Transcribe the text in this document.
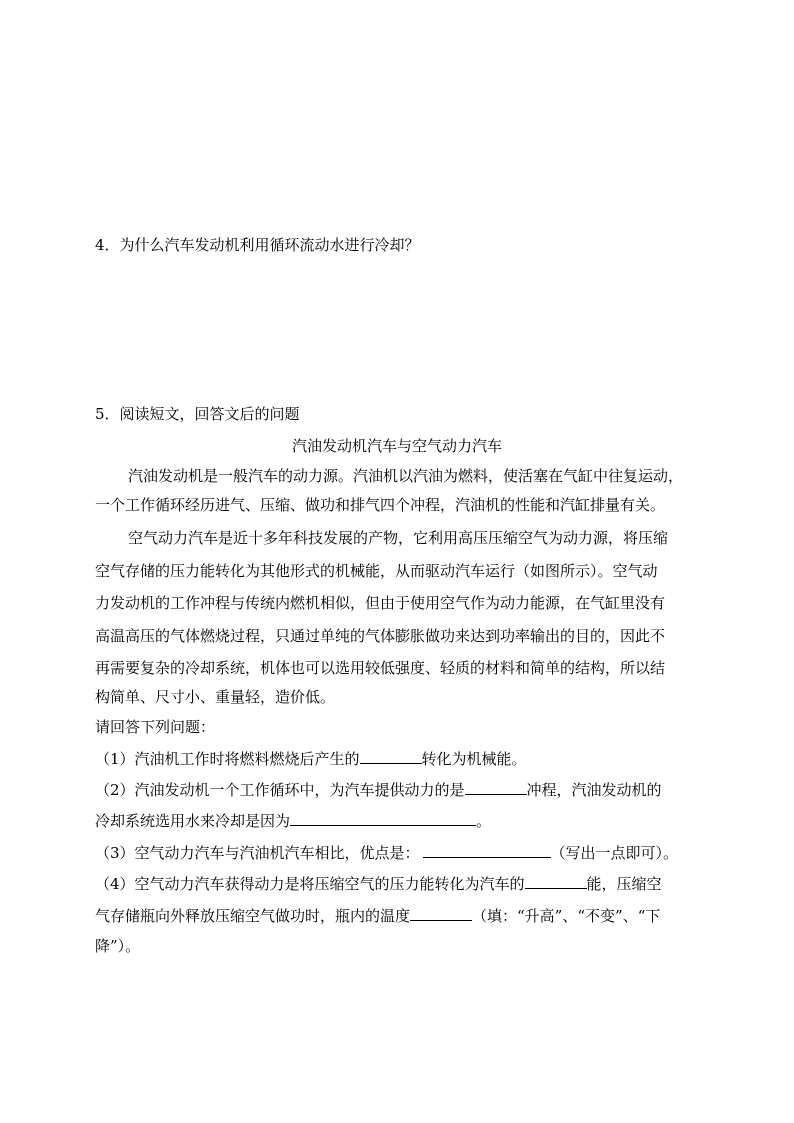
4．为什么汽车发动机利用循环流动水进行冷却？
5．阅读短文，回答文后的问题
汽油发动机汽车与空气动力汽车
汽油发动机是一般汽车的动力源。汽油机以汽油为燃料，使活塞在气缸中往复运动，
一个工作循环经历进气、压缩、做功和排气四个冲程，汽油机的性能和汽缸排量有关。
空气动力汽车是近十多年科技发展的产物，它利用高压压缩空气为动力源，将压缩
空气存储的压力能转化为其他形式的机械能，从而驱动汽车运行（如图所示）。空气动
力发动机的工作冲程与传统内燃机相似，但由于使用空气作为动力能源，在气缸里没有
高温高压的气体燃烧过程，只通过单纯的气体膨胀做功来达到功率输出的目的，因此不
再需要复杂的冷却系统，机体也可以选用较低强度、轻质的材料和简单的结构，所以结
构简单、尺寸小、重量轻，造价低。
请回答下列问题：
（1）汽油机工作时将燃料燃烧后产生的	转化为机械能。
（2）汽油发动机一个工作循环中，为汽车提供动力的是	冲程，汽油发动机的
冷却系统选用水来冷却是因为	。
（3）空气动力汽车与汽油机汽车相比，优点是：	（写出一点即可）。
（4）空气动力汽车获得动力是将压缩空气的压力能转化为汽车的	能，压缩空
气存储瓶向外释放压缩空气做功时，瓶内的温度	（填：“升高”、“不变”、“下
降”）。
